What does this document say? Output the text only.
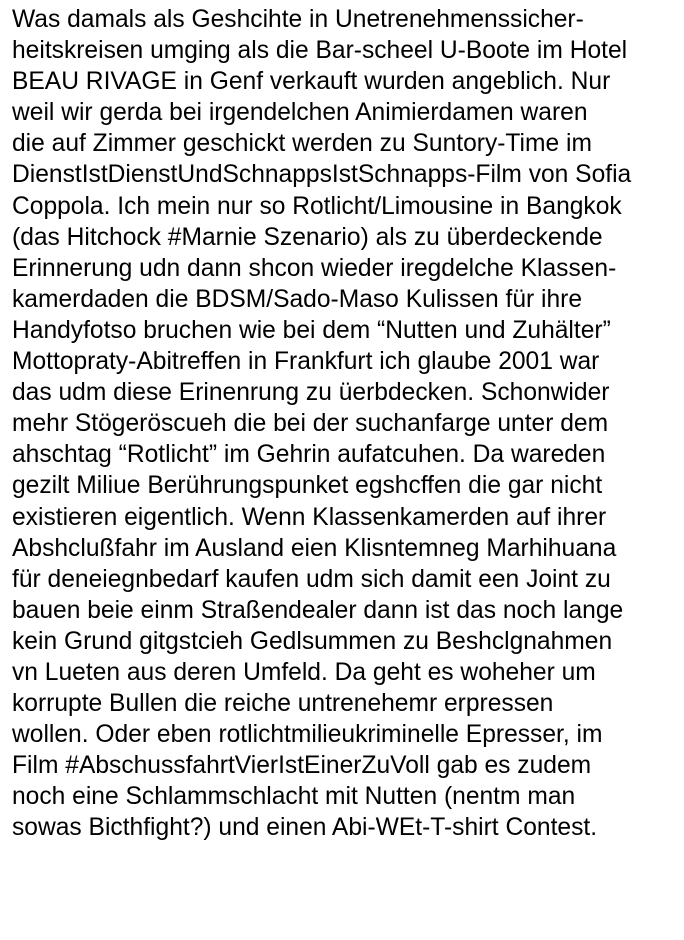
Was damals als Geshcihte in Unetrenehmenssicher-
heitskreisen umging als die Bar-scheel U-Boote im Hotel
BEAU RIVAGE in Genf verkauft wurden angeblich. Nur
weil wir gerda bei irgendelchen Animierdamen waren
die auf Zimmer geschickt werden zu Suntory-Time im
DienstIstDienstUndSchnappsIstSchnapps-Film von Sofia
Coppola. Ich mein nur so Rotlicht/Limousine in Bangkok
(das Hitchock #Marnie Szenario) als zu überdeckende
Erinnerung udn dann shcon wieder iregdelche Klassen-
kamerdaden die BDSM/Sado-Maso Kulissen für ihre
Handyfotso bruchen wie bei dem “Nutten und Zuhälter”
Mottopraty-Abitreffen in Frankfurt ich glaube 2001 war
das udm diese Erinenrung zu üerbdecken. Schonwider
mehr Stögeröscueh die bei der suchanfarge unter dem
ahschtag “Rotlicht” im Gehrin aufatcuhen. Da wareden
gezilt Miliue Berührungspunket egshcffen die gar nicht
existieren eigentlich. Wenn Klassenkamerden auf ihrer
Abshcl​ußfahr im Ausland eien Klisntemneg Marhihuana
für deneiegnbedarf kaufen udm sich damit een Joint zu
bauen beie einm Straßendealer dann ist das noch lange
kein Grund gitgstcieh Gedlsummen zu Beshclgnahmen
vn Lueten aus deren Umfeld. Da geht es woheher um
korrupte Bullen die reiche untrenehemr erpressen
wollen. Oder eben rotlichtmilieukriminelle Epresser, im
Film #AbschussfahrtVierIstEinerZuVoll gab es zudem
noch eine Schlammschlacht mit Nutten (nentm man
sowas Bicthfight?) und einen Abi-WEt-T-shirt Contest.
